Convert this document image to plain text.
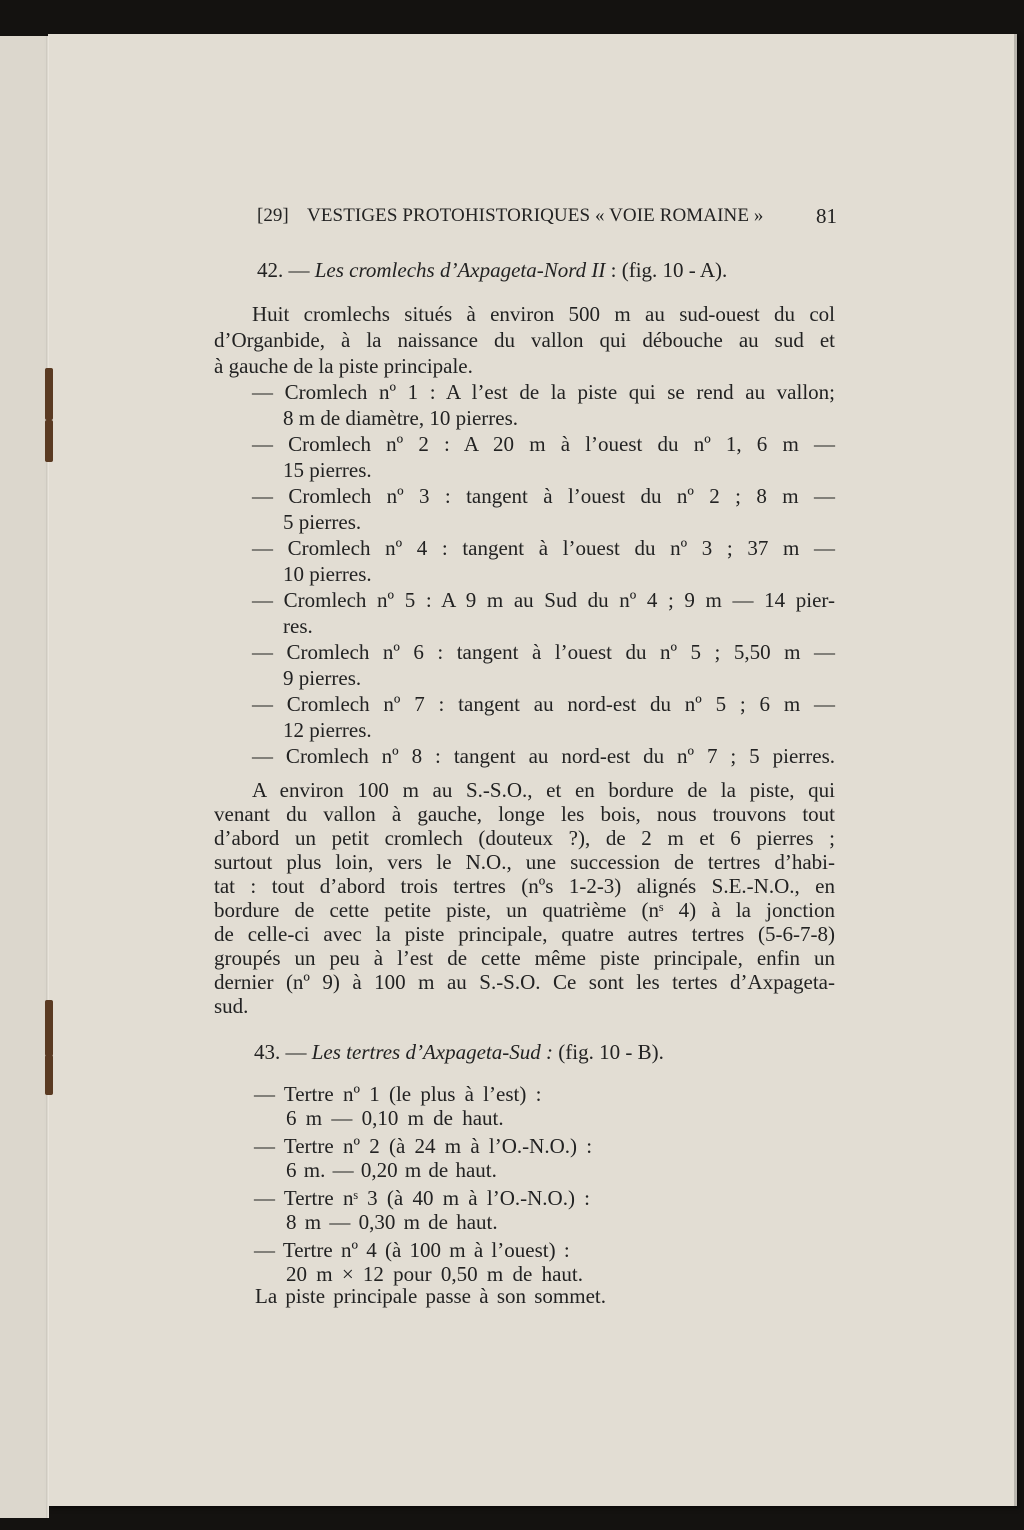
[29] VESTIGES PROTOHISTORIQUES « VOIE ROMAINE » 81
42. — Les cromlechs d’Axpageta-Nord II : (fig. 10 - A).
Huit cromlechs situés à environ 500 m au sud-ouest du col
d’Organbide, à la naissance du vallon qui débouche au sud et
à gauche de la piste principale.
— Cromlech nº 1 : A l’est de la piste qui se rend au vallon;
8 m de diamètre, 10 pierres.
— Cromlech nº 2 : A 20 m à l’ouest du nº 1, 6 m —
15 pierres.
— Cromlech nº 3 : tangent à l’ouest du nº 2 ; 8 m —
5 pierres.
— Cromlech nº 4 : tangent à l’ouest du nº 3 ; 37 m —
10 pierres.
— Cromlech nº 5 : A 9 m au Sud du nº 4 ; 9 m — 14 pier-
res.
— Cromlech nº 6 : tangent à l’ouest du nº 5 ; 5,50 m —
9 pierres.
— Cromlech nº 7 : tangent au nord-est du nº 5 ; 6 m —
12 pierres.
— Cromlech nº 8 : tangent au nord-est du nº 7 ; 5 pierres.
A environ 100 m au S.-S.O., et en bordure de la piste, qui
venant du vallon à gauche, longe les bois, nous trouvons tout
d’abord un petit cromlech (douteux ?), de 2 m et 6 pierres ;
surtout plus loin, vers le N.O., une succession de tertres d’habi-
tat : tout d’abord trois tertres (nºs 1-2-3) alignés S.E.-N.O., en
bordure de cette petite piste, un quatrième (nˢ 4) à la jonction
de celle-ci avec la piste principale, quatre autres tertres (5-6-7-8)
groupés un peu à l’est de cette même piste principale, enfin un
dernier (nº 9) à 100 m au S.-S.O. Ce sont les tertes d’Axpageta-
sud.
43. — Les tertres d’Axpageta-Sud : (fig. 10 - B).
— Tertre nº 1 (le plus à l’est) :
6 m — 0,10 m de haut.
— Tertre nº 2 (à 24 m à l’O.-N.O.) :
6 m. — 0,20 m de haut.
— Tertre nˢ 3 (à 40 m à l’O.-N.O.) :
8 m — 0,30 m de haut.
— Tertre nº 4 (à 100 m à l’ouest) :
20 m × 12 pour 0,50 m de haut.
La piste principale passe à son sommet.
